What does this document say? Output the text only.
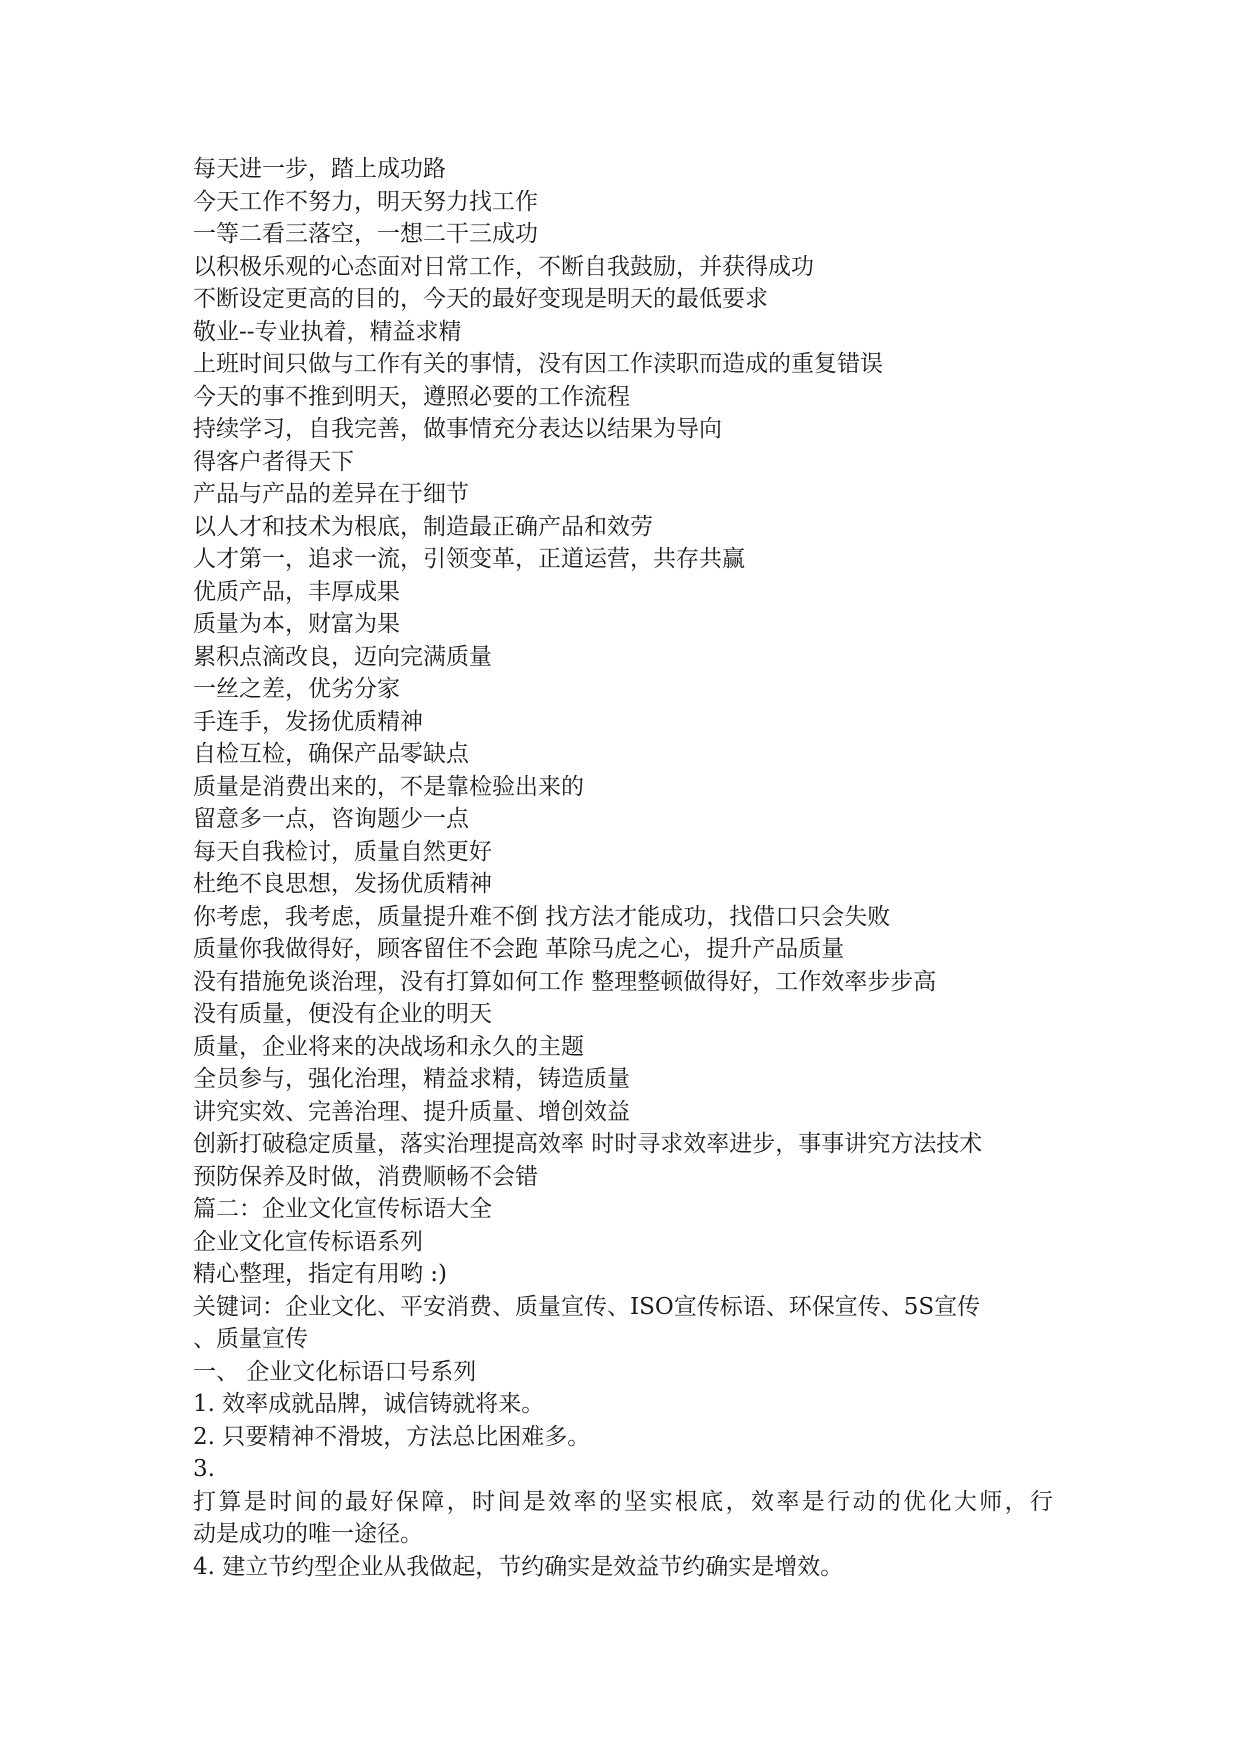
每天进一步，踏上成功路
今天工作不努力，明天努力找工作
一等二看三落空，一想二干三成功
以积极乐观的心态面对日常工作，不断自我鼓励，并获得成功
不断设定更高的目的，今天的最好变现是明天的最低要求
敬业--专业执着，精益求精
上班时间只做与工作有关的事情，没有因工作渎职而造成的重复错误
今天的事不推到明天，遵照必要的工作流程
持续学习，自我完善，做事情充分表达以结果为导向
得客户者得天下
产品与产品的差异在于细节
以人才和技术为根底，制造最正确产品和效劳
人才第一，追求一流，引领变革，正道运营，共存共赢
优质产品，丰厚成果
质量为本，财富为果
累积点滴改良，迈向完满质量
一丝之差，优劣分家
手连手，发扬优质精神
自检互检，确保产品零缺点
质量是消费出来的，不是靠检验出来的
留意多一点，咨询题少一点
每天自我检讨，质量自然更好
杜绝不良思想，发扬优质精神
你考虑，我考虑，质量提升难不倒 找方法才能成功，找借口只会失败
质量你我做得好，顾客留住不会跑 革除马虎之心，提升产品质量
没有措施免谈治理，没有打算如何工作 整理整顿做得好，工作效率步步高
没有质量，便没有企业的明天
质量，企业将来的决战场和永久的主题
全员参与，强化治理，精益求精，铸造质量
讲究实效、完善治理、提升质量、增创效益
创新打破稳定质量，落实治理提高效率 时时寻求效率进步，事事讲究方法技术
预防保养及时做，消费顺畅不会错
篇二：企业文化宣传标语大全
企业文化宣传标语系列
精心整理，指定有用哟 :)
关键词：企业文化、平安消费、质量宣传、ISO宣传标语、环保宣传、5S宣传
、质量宣传
一、 企业文化标语口号系列
1. 效率成就品牌，诚信铸就将来。
2. 只要精神不滑坡，方法总比困难多。
3.
打算是时间的最好保障，时间是效率的坚实根底，效率是行动的优化大师，行
动是成功的唯一途径。
4. 建立节约型企业从我做起，节约确实是效益节约确实是增效。
